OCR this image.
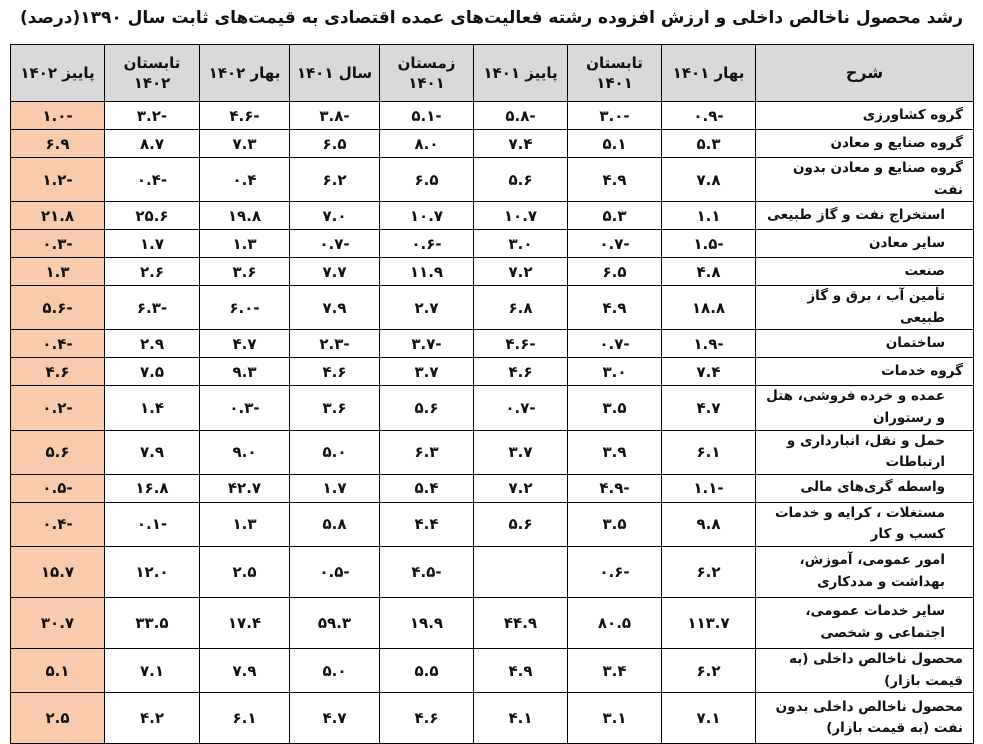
رشد محصول ناخالص داخلی و ارزش افزوده رشته فعالیت‌های عمده اقتصادی به قیمت‌های ثابت سال ۱۳۹۰(درصد)
شرح	بهار ۱۴۰۱	تابستان ۱۴۰۱	پاییز ۱۴۰۱	زمستان ۱۴۰۱	سال ۱۴۰۱	بهار ۱۴۰۲	تابستان ۱۴۰۲	پاییز ۱۴۰۲
گروه کشاورزی	-۰.۹	-۳.۰	-۵.۸	-۵.۱	-۳.۸	-۴.۶	-۳.۲	-۱.۰
گروه صنایع و معادن	۵.۳	۵.۱	۷.۴	۸.۰	۶.۵	۷.۳	۸.۷	۶.۹
گروه صنایع و معادن بدون نفت	۷.۸	۴.۹	۵.۶	۶.۵	۶.۲	۰.۴	-۰.۴	-۱.۲
استخراج نفت و گاز طبیعی	۱.۱	۵.۳	۱۰.۷	۱۰.۷	۷.۰	۱۹.۸	۲۵.۶	۲۱.۸
سایر معادن	-۱.۵	-۰.۷	۳.۰	-۰.۶	-۰.۷	۱.۳	۱.۷	-۰.۳
صنعت	۴.۸	۶.۵	۷.۲	۱۱.۹	۷.۷	۳.۶	۲.۶	۱.۳
تأمین آب ، برق و گاز طبیعی	۱۸.۸	۴.۹	۶.۸	۲.۷	۷.۹	-۶.۰	-۶.۳	-۵.۶
ساختمان	-۱.۹	-۰.۷	-۴.۶	-۳.۷	-۲.۳	۴.۷	۲.۹	-۰.۴
گروه خدمات	۷.۴	۳.۰	۴.۶	۳.۷	۴.۶	۹.۳	۷.۵	۴.۶
عمده و خرده فروشی، هتل و رستوران	۴.۷	۳.۵	-۰.۷	۵.۶	۳.۶	-۰.۳	۱.۴	-۰.۲
حمل و نقل، انبارداری و ارتباطات	۶.۱	۳.۹	۳.۷	۶.۳	۵.۰	۹.۰	۷.۹	۵.۶
واسطه گری‌های مالی	-۱.۱	-۴.۹	۷.۲	۵.۴	۱.۷	۴۲.۷	۱۶.۸	-۰.۵
مستغلات ، کرایه و خدمات کسب و کار	۹.۸	۳.۵	۵.۶	۴.۴	۵.۸	۱.۳	-۰.۱	-۰.۴
امور عمومی، آموزش، بهداشت و مددکاری	۶.۲	-۰.۶		-۴.۵	-۰.۵	۲.۵	۱۲.۰	۱۵.۷
سایر خدمات عمومی، اجتماعی و شخصی	۱۱۳.۷	۸۰.۵	۴۴.۹	۱۹.۹	۵۹.۳	۱۷.۴	۳۳.۵	۳۰.۷
محصول ناخالص داخلی (به قیمت بازار)	۶.۲	۳.۴	۴.۹	۵.۵	۵.۰	۷.۹	۷.۱	۵.۱
محصول ناخالص داخلی بدون نفت (به قیمت بازار)	۷.۱	۳.۱	۴.۱	۴.۶	۴.۷	۶.۱	۴.۲	۲.۵
